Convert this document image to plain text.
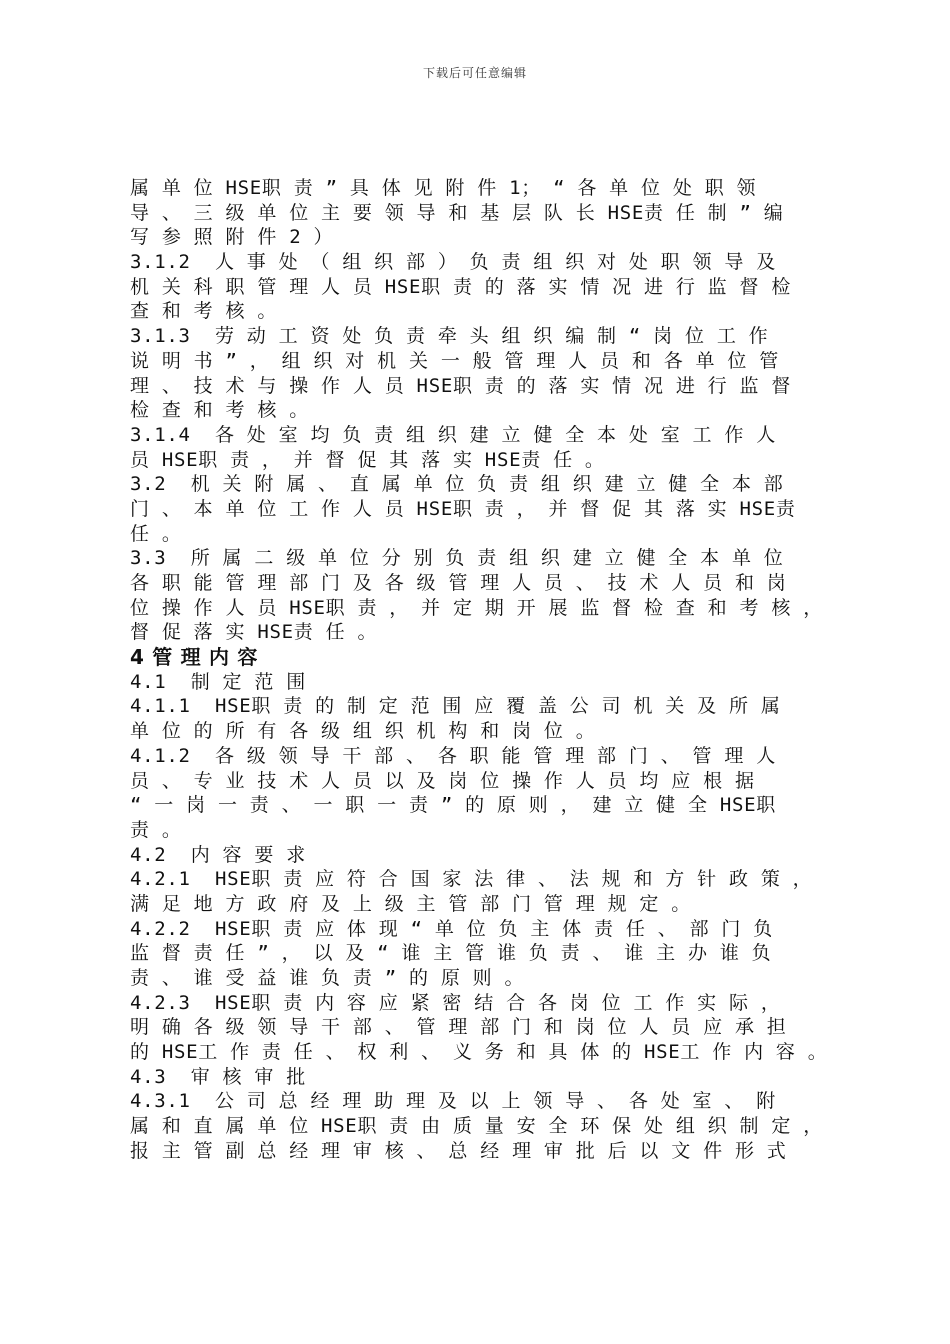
下载后可任意编辑
属 单 位 HSE职 责 ” 具 体 见 附 件 1； “ 各 单 位 处 职 领
导 、 三 级 单 位 主 要 领 导 和 基 层 队 长 HSE责 任 制 ” 编
写 参 照 附 件 2 ）
3.1.2  人 事 处 （ 组 织 部 ） 负 责 组 织 对 处 职 领 导 及
机 关 科 职 管 理 人 员 HSE职 责 的 落 实 情 况 进 行 监 督 检
查 和 考 核 。
3.1.3  劳 动 工 资 处 负 责 牵 头 组 织 编 制 “ 岗 位 工 作
说 明 书 ” ， 组 织 对 机 关 一 般 管 理 人 员 和 各 单 位 管
理 、 技 术 与 操 作 人 员 HSE职 责 的 落 实 情 况 进 行 监 督
检 查 和 考 核 。
3.1.4  各 处 室 均 负 责 组 织 建 立 健 全 本 处 室 工 作 人
员 HSE职 责 ， 并 督 促 其 落 实 HSE责 任 。
3.2  机 关 附 属 、 直 属 单 位 负 责 组 织 建 立 健 全 本 部
门 、 本 单 位 工 作 人 员 HSE职 责 ， 并 督 促 其 落 实 HSE责
任 。
3.3  所 属 二 级 单 位 分 别 负 责 组 织 建 立 健 全 本 单 位
各 职 能 管 理 部 门 及 各 级 管 理 人 员 、 技 术 人 员 和 岗
位 操 作 人 员 HSE职 责 ， 并 定 期 开 展 监 督 检 查 和 考 核 ，
督 促 落 实 HSE责 任 。
4 管 理 内 容
4.1  制 定 范 围
4.1.1  HSE职 责 的 制 定 范 围 应 覆 盖 公 司 机 关 及 所 属
单 位 的 所 有 各 级 组 织 机 构 和 岗 位 。
4.1.2  各 级 领 导 干 部 、 各 职 能 管 理 部 门 、 管 理 人
员 、 专 业 技 术 人 员 以 及 岗 位 操 作 人 员 均 应 根 据
“ 一 岗 一 责 、 一 职 一 责 ” 的 原 则 ， 建 立 健 全 HSE职
责 。
4.2  内 容 要 求
4.2.1  HSE职 责 应 符 合 国 家 法 律 、 法 规 和 方 针 政 策 ，
满 足 地 方 政 府 及 上 级 主 管 部 门 管 理 规 定 。
4.2.2  HSE职 责 应 体 现 “ 单 位 负 主 体 责 任 、 部 门 负
监 督 责 任 ” ， 以 及 “ 谁 主 管 谁 负 责 、 谁 主 办 谁 负
责 、 谁 受 益 谁 负 责 ” 的 原 则 。
4.2.3  HSE职 责 内 容 应 紧 密 结 合 各 岗 位 工 作 实 际 ，
明 确 各 级 领 导 干 部 、 管 理 部 门 和 岗 位 人 员 应 承 担
的 HSE工 作 责 任 、 权 利 、 义 务 和 具 体 的 HSE工 作 内 容 。
4.3  审 核 审 批
4.3.1  公 司 总 经 理 助 理 及 以 上 领 导 、 各 处 室 、 附
属 和 直 属 单 位 HSE职 责 由 质 量 安 全 环 保 处 组 织 制 定 ，
报 主 管 副 总 经 理 审 核 、 总 经 理 审 批 后 以 文 件 形 式
